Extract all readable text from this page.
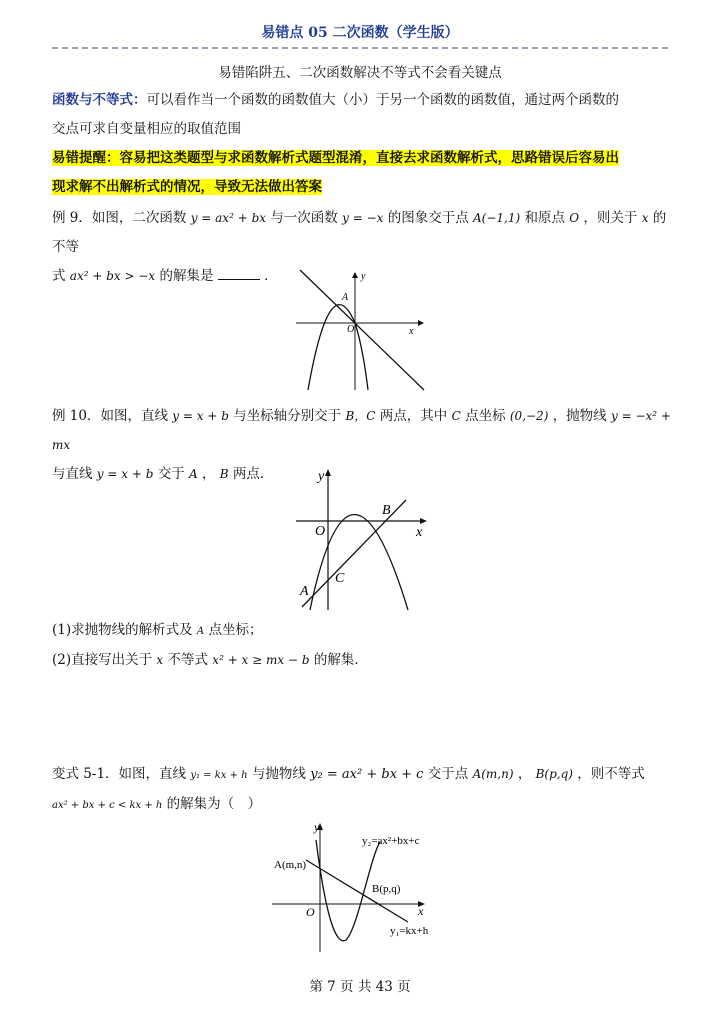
易错点 05 二次函数（学生版）
易错陷阱五、二次函数解决不等式不会看关键点
函数与不等式：可以看作当一个函数的函数值大（小）于另一个函数的函数值，通过两个函数的
交点可求自变量相应的取值范围
易错提醒：容易把这类题型与求函数解析式题型混淆，直接去求函数解析式，思路错误后容易出
现求解不出解析式的情况，导致无法做出答案
例 9．如图，二次函数 y = ax² + bx 与一次函数 y = −x 的图象交于点 A(−1,1) 和原点 O ，则关于 x 的不等
式 ax² + bx > −x 的解集是	．
A
O	x
y
例 10．如图，直线 y = x + b 与坐标轴分别交于 B，C 两点，其中 C 点坐标 (0,−2) ，抛物线 y = −x² + mx
与直线 y = x + b 交于 A ， B 两点．	y
x
O
B
C
A
(1)求抛物线的解析式及 A 点坐标；
(2)直接写出关于 x 不等式 x² + x ≥ mx − b 的解集．
变式 5-1．如图，直线 y₁ = kx + h 与抛物线 y₂ = ax² + bx + c 交于点 A(m,n) ， B(p,q) ，则不等式
ax² + bx + c < kx + h 的解集为（　）
y
x
O
A(m,n)
B(p,q)
y₂=ax²+bx+c
y₁=kx+h
第 7 页 共 43 页
